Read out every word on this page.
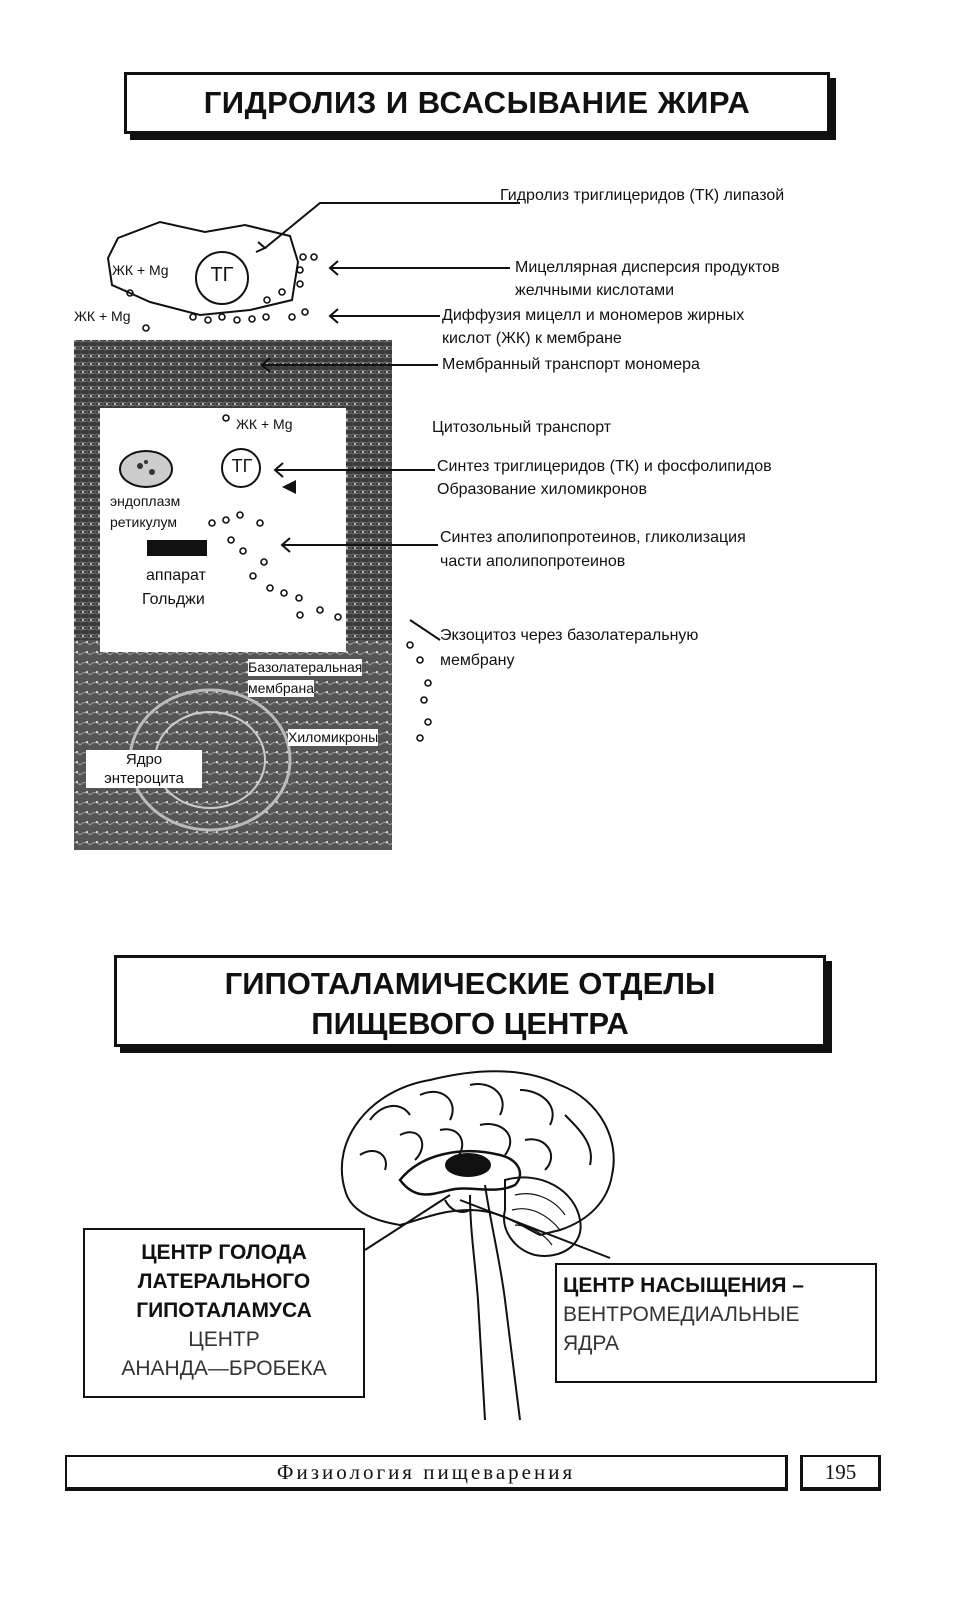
ГИДРОЛИЗ И ВСАСЫВАНИЕ ЖИРА
ЖК + Mg	ТГ
ЖК + Mg
ЖК + Mg
ТГ
эндоплазм
ретикулум
аппарат
Гольджи
Базолатеральная
мембрана
Хиломикроны
Ядро
энтероцита
Гидролиз триглицеридов (ТК) липазой
Мицеллярная дисперсия продуктов
желчными кислотами
Диффузия мицелл и мономеров жирных
кислот (ЖК) к мембране
Мембранный транспорт мономера
Цитозольный транспорт
Синтез триглицеридов (ТК) и фосфолипидов
Образование хиломикронов
Синтез аполипопротеинов, гликолизация
части аполипопротеинов
Экзоцитоз через базолатеральную
мембрану
ГИПОТАЛАМИЧЕСКИЕ ОТДЕЛЫ
ПИЩЕВОГО ЦЕНТРА
ЦЕНТР ГОЛОДА
ЛАТЕРАЛЬНОГО
ГИПОТАЛАМУСА
ЦЕНТР
АНАНДА—БРОБЕКА
ЦЕНТР НАСЫЩЕНИЯ –
ВЕНТРОМЕДИАЛЬНЫЕ
ЯДРА
Физиология пищеварения	195
